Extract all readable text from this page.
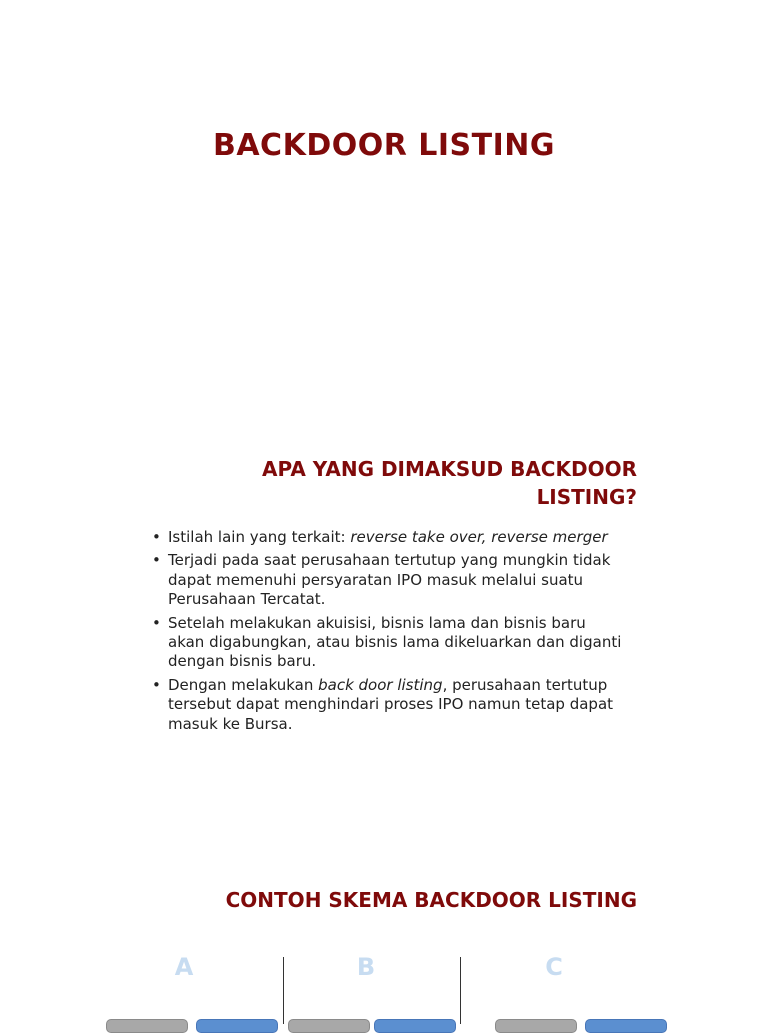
BACKDOOR LISTING
APA YANG DIMAKSUD BACKDOOR
LISTING?
• Istilah lain yang terkait: reverse take over, reverse merger
• Terjadi pada saat perusahaan tertutup yang mungkin tidak dapat memenuhi persyaratan IPO masuk melalui suatu Perusahaan Tercatat.
• Setelah melakukan akuisisi, bisnis lama dan bisnis baru akan digabungkan, atau bisnis lama dikeluarkan dan diganti dengan bisnis baru.
• Dengan melakukan back door listing, perusahaan tertutup tersebut dapat menghindari proses IPO namun tetap dapat masuk ke Bursa.
CONTOH SKEMA BACKDOOR LISTING
A	B	C
